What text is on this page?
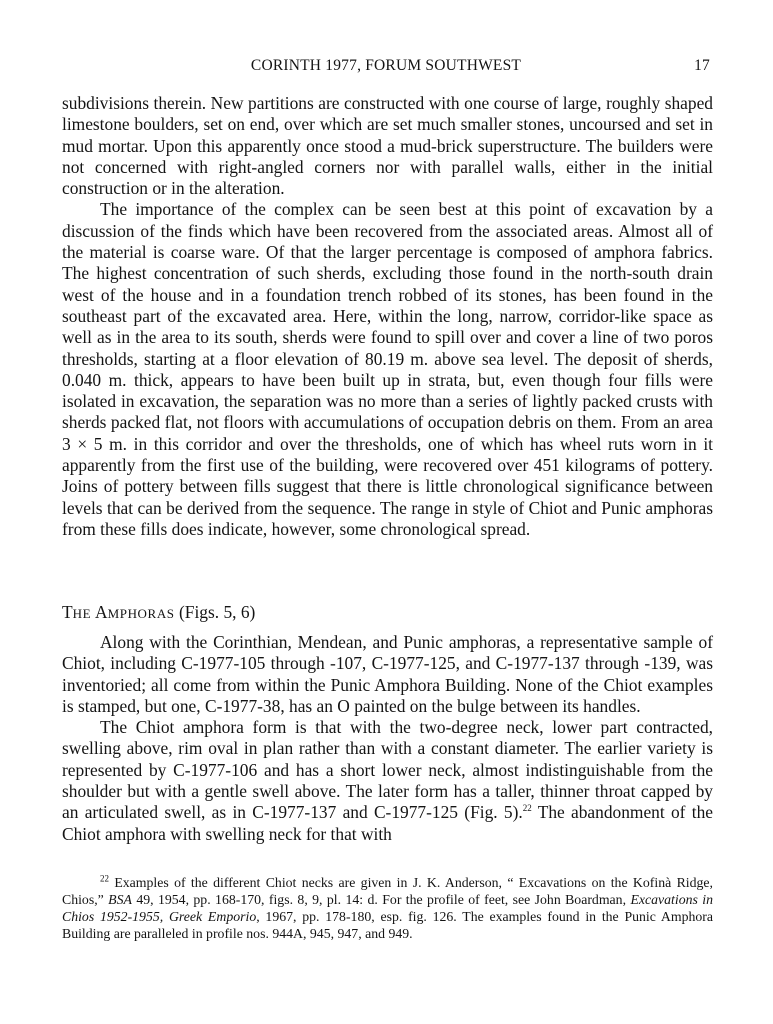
CORINTH 1977, FORUM SOUTHWEST	17

subdivisions therein. New partitions are constructed with one course of large, roughly shaped limestone boulders, set on end, over which are set much smaller stones, uncoursed and set in mud mortar. Upon this apparently once stood a mud-brick superstructure. The builders were not concerned with right-angled corners nor with parallel walls, either in the initial construction or in the alteration.

The importance of the complex can be seen best at this point of excavation by a discussion of the finds which have been recovered from the associated areas. Almost all of the material is coarse ware. Of that the larger percentage is composed of amphora fabrics. The highest concentration of such sherds, excluding those found in the north-south drain west of the house and in a foundation trench robbed of its stones, has been found in the southeast part of the excavated area. Here, within the long, narrow, corridor-like space as well as in the area to its south, sherds were found to spill over and cover a line of two poros thresholds, starting at a floor elevation of 80.19 m. above sea level. The deposit of sherds, 0.040 m. thick, appears to have been built up in strata, but, even though four fills were isolated in excavation, the separation was no more than a series of lightly packed crusts with sherds packed flat, not floors with accumulations of occupation debris on them. From an area 3 × 5 m. in this corridor and over the thresholds, one of which has wheel ruts worn in it apparently from the first use of the building, were recovered over 451 kilograms of pottery. Joins of pottery between fills suggest that there is little chronological significance between levels that can be derived from the sequence. The range in style of Chiot and Punic amphoras from these fills does indicate, however, some chronological spread.

THE AMPHORAS (Figs. 5, 6)

Along with the Corinthian, Mendean, and Punic amphoras, a representative sample of Chiot, including C-1977-105 through -107, C-1977-125, and C-1977-137 through -139, was inventoried; all come from within the Punic Amphora Building. None of the Chiot examples is stamped, but one, C-1977-38, has an O painted on the bulge between its handles.

The Chiot amphora form is that with the two-degree neck, lower part contracted, swelling above, rim oval in plan rather than with a constant diameter. The earlier variety is represented by C-1977-106 and has a short lower neck, almost indistinguishable from the shoulder but with a gentle swell above. The later form has a taller, thinner throat capped by an articulated swell, as in C-1977-137 and C-1977-125 (Fig. 5).$^{22}$ The abandonment of the Chiot amphora with swelling neck for that with

$^{22}$ Examples of the different Chiot necks are given in J. K. Anderson, “ Excavations on the Kofinà Ridge, Chios,” BSA 49, 1954, pp. 168-170, figs. 8, 9, pl. 14: d. For the profile of feet, see John Boardman, Excavations in Chios 1952-1955, Greek Emporio, 1967, pp. 178-180, esp. fig. 126. The examples found in the Punic Amphora Building are paralleled in profile nos. 944A, 945, 947, and 949.
